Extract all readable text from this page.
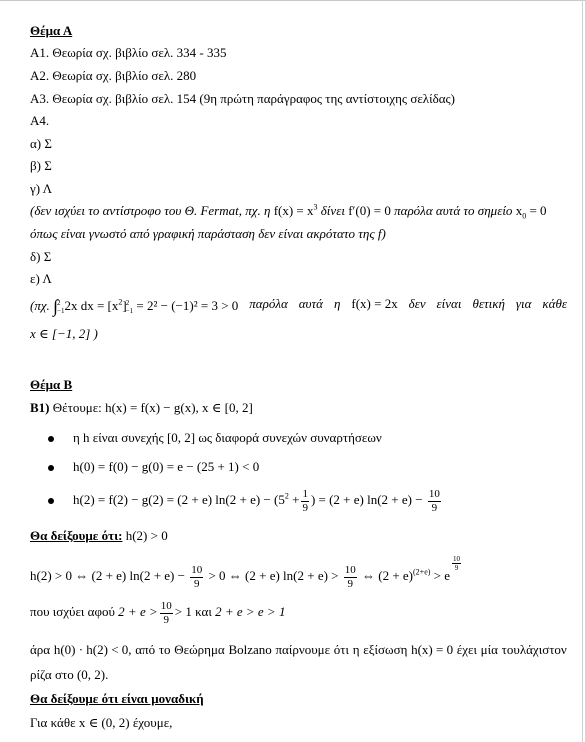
Θέμα Α
Α1. Θεωρία σχ. βιβλίο σελ. 334 - 335
Α2. Θεωρία σχ. βιβλίο σελ. 280
Α3. Θεωρία σχ. βιβλίο σελ. 154 (9η πρώτη παράγραφος της αντίστοιχης σελίδας)
Α4.
α) Σ
β) Σ
γ) Λ
(δεν ισχύει το αντίστροφο του Θ. Fermat, πχ. η $f(x) = x^3$ δίνει f′(0) = 0 παρόλα αυτά το σημείο $x_0 = 0$
όπως είναι γνωστό από γραφική παράσταση δεν είναι ακρότατο της f)
δ) Σ
ε) Λ
(πχ. ∫ 2
−1 2x dx = $[x^2]$ 2
−1 = 2² − (−1)² = 3 > 0 παρόλα αυτά η f(x) = 2x δεν είναι θετική για κάθε
x ∈ [−1, 2] )
Θέμα Β
Β1) Θέτουμε: h(x) = f(x) − g(x), x ∈ [0, 2]
η h είναι συνεχής [0, 2] ως διαφορά συνεχών συναρτήσεων
h(0) = f(0) − g(0) = e − (25 + 1) < 0
h(2) = f(2) − g(2) = (2 + e) $\ln(2 + e) - (5^2 + \frac{1}{9}$ ) = (2 + e) $\ln(2 + e) - \frac{10}{9}$
Θα δείξουμε ότι: h(2) > 0
h(2) > 0 ⇔ (2 + e) $\ln(2 + e) - \frac{10}{9} > 0$ ⇔ (2 + e) $\ln(2 + e) > \frac{10}{9}$ ⇔ $(2 + e)^{(2+e)} > e$
$^{\frac{10}{9}}$
που ισχύει αφού $2 + e > \frac{10}{9} > 1$ και 2 + e > e > 1
άρα h(0) · h(2) < 0, από το Θεώρημα Bolzano παίρνουμε ότι η εξίσωση h(x) = 0 έχει μία τουλάχιστον
ρίζα στο (0, 2).
Θα δείξουμε ότι είναι μοναδική
Για κάθε x ∈ (0, 2) έχουμε,
